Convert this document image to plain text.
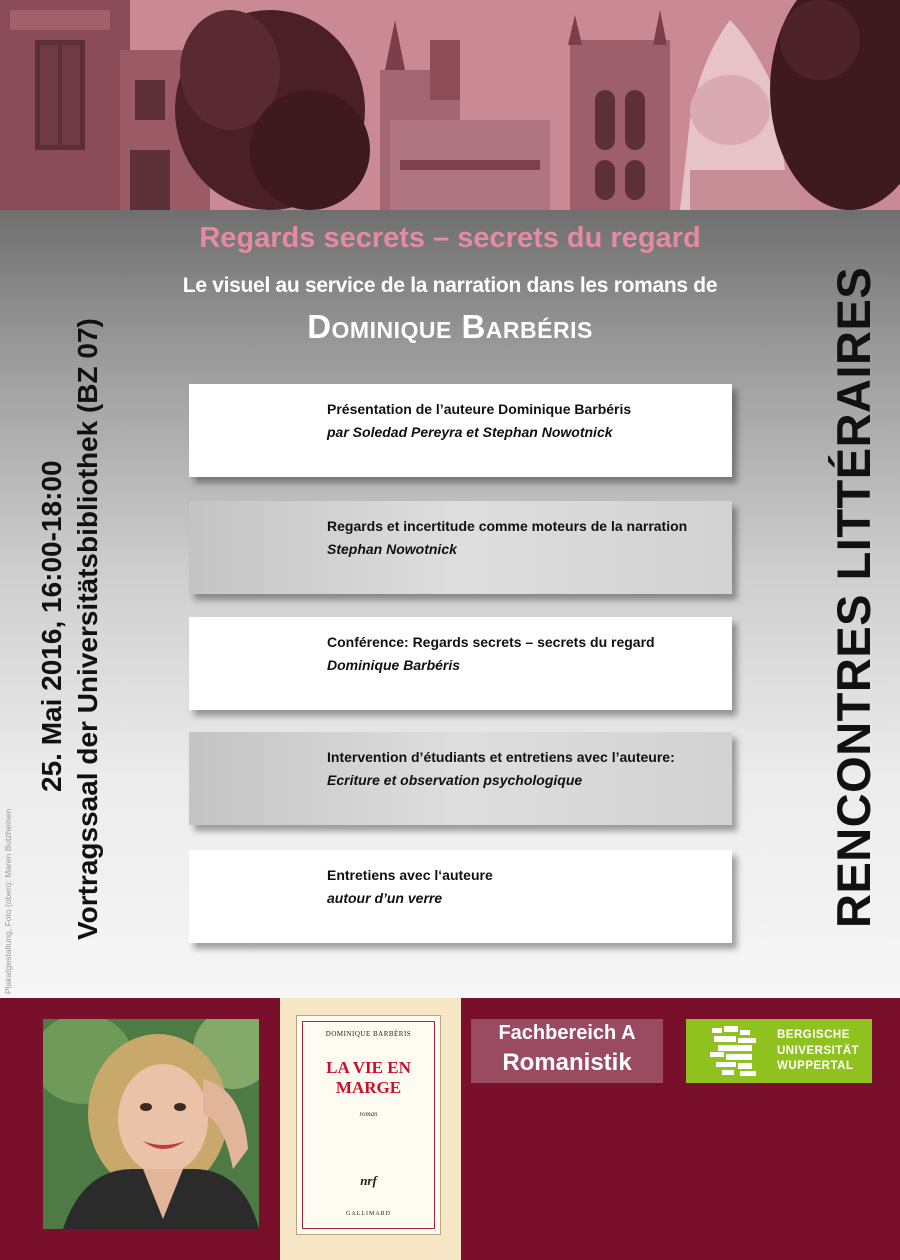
Regards secrets – secrets du regard
Le visuel au service de la narration dans les romans de
Dominique Barbéris
Présentation de l’auteure Dominique Barbéris
par Soledad Pereyra et Stephan Nowotnick
Regards et incertitude comme moteurs de la narration
Stephan Nowotnick
Conférence: Regards secrets – secrets du regard
Dominique Barbéris
Intervention d’étudiants et entretiens avec l’auteure:
Ecriture et observation psychologique
Entretiens avec l‘auteure
autour d’un verre
25. Mai 2016, 16:00-18:00 Vortragssaal der Universitätsbibliothek (BZ 07)
Plakatgestaltung, Foto (oben): Maren Butzheinen	RENCONTRES LITTÉRAIRES
DOMINIQUE BARBÉRIS
LA VIE EN MARGE
roman
nrf
GALLIMARD
Fachbereich A
Romanistik
BERGISCHE
UNIVERSITÄT
WUPPERTAL
